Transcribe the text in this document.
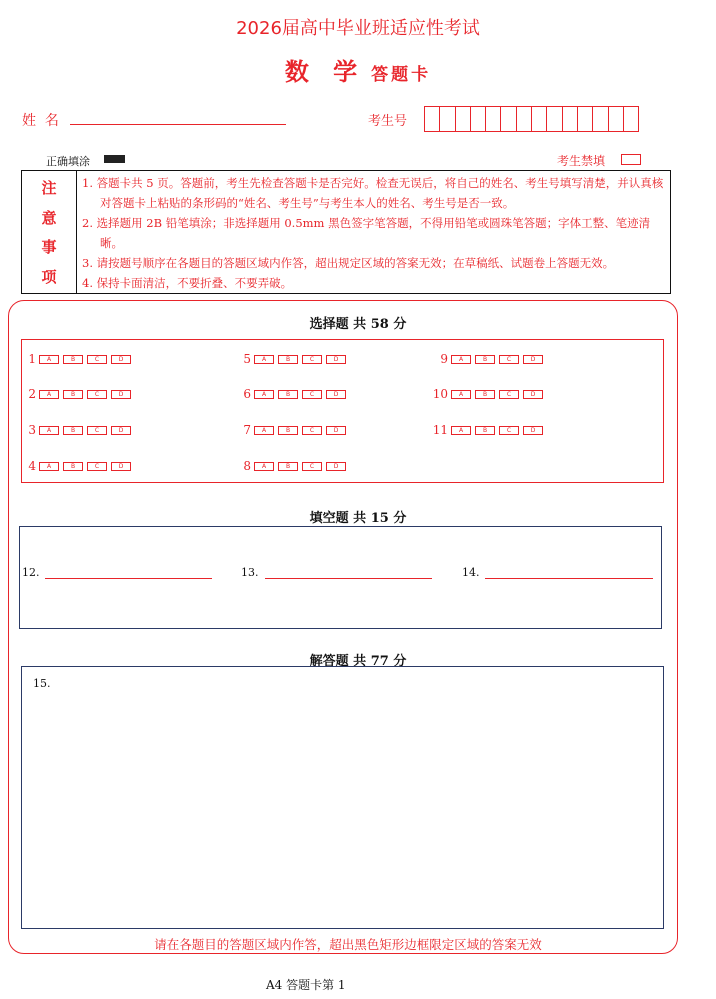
2026届高中毕业班适应性考试
数 学 答题卡
姓  名	考生号
正确填涂	考生禁填
注
意
事
项
1. 答题卡共 5 页。答题前，考生先检查答题卡是否完好。检查无误后，将自己的姓名、考生号填写清楚，并认真核对答题卡上粘贴的条形码的“姓名、考生号”与考生本人的姓名、考生号是否一致。
2. 选择题用 2B 铅笔填涂；非选择题用 0.5mm 黑色签字笔答题，不得用铅笔或圆珠笔答题；字体工整、笔迹清晰。
3. 请按题号顺序在各题目的答题区域内作答，超出规定区域的答案无效；在草稿纸、试题卷上答题无效。
4. 保持卡面清洁，不要折叠、不要弄破。
选择题 共 58 分
填空题 共 15 分
12.	13.	14.
解答题 共 77 分
15.
请在各题目的答题区域内作答，超出黑色矩形边框限定区域的答案无效
A4 答题卡第 1
1	A	B	C	D
2	A	B	C	D
3	A	B	C	D
4	A	B	C	D
5	A	B	C	D
6	A	B	C	D
7	A	B	C	D
8	A	B	C	D
9	A	B	C	D
10	A	B	C	D
11	A	B	C	D
